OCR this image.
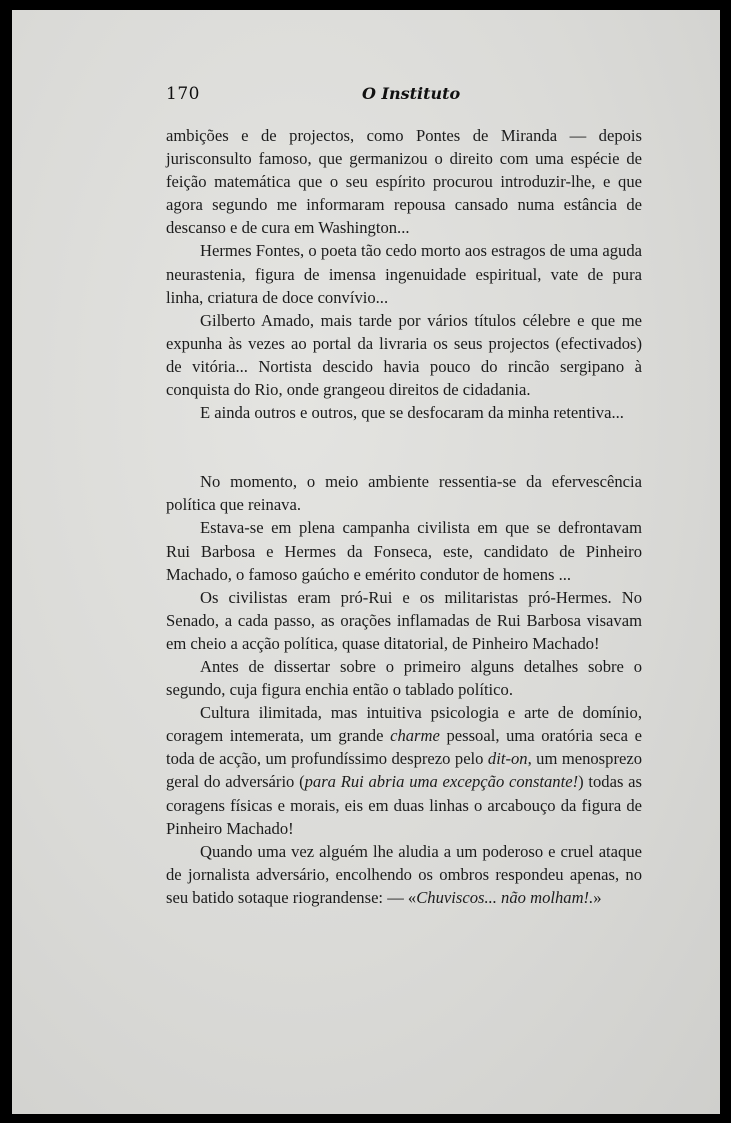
170	O Instituto

ambições e de projectos, como Pontes de Miranda — depois jurisconsulto famoso, que germanizou o direito com uma espécie de feição matemática que o seu espírito procurou introduzir-lhe, e que agora segundo me informaram repousa cansado numa estância de descanso e de cura em Washington...

Hermes Fontes, o poeta tão cedo morto aos estragos de uma aguda neurastenia, figura de imensa ingenuidade espiritual, vate de pura linha, criatura de doce convívio...

Gilberto Amado, mais tarde por vários títulos célebre e que me expunha às vezes ao portal da livraria os seus projectos (efectivados) de vitória... Nortista descido havia pouco do rincão sergipano à conquista do Rio, onde grangeou direitos de cidadania.

E ainda outros e outros, que se desfocaram da minha retentiva...

No momento, o meio ambiente ressentia-se da efervescência política que reinava.

Estava-se em plena campanha civilista em que se defrontavam Rui Barbosa e Hermes da Fonseca, este, candidato de Pinheiro Machado, o famoso gaúcho e emérito condutor de homens ...

Os civilistas eram pró-Rui e os militaristas pró-Hermes. No Senado, a cada passo, as orações inflamadas de Rui Barbosa visavam em cheio a acção política, quase ditatorial, de Pinheiro Machado!

Antes de dissertar sobre o primeiro alguns detalhes sobre o segundo, cuja figura enchia então o tablado político.

Cultura ilimitada, mas intuitiva psicologia e arte de domínio, coragem intemerata, um grande charme pessoal, uma oratória seca e toda de acção, um profundíssimo desprezo pelo dit-on, um menosprezo geral do adversário (para Rui abria uma excepção constante!) todas as coragens físicas e morais, eis em duas linhas o arcabouço da figura de Pinheiro Machado!

Quando uma vez alguém lhe aludia a um poderoso e cruel ataque de jornalista adversário, encolhendo os ombros respondeu apenas, no seu batido sotaque riograndense: — «Chuviscos... não molham!.»
